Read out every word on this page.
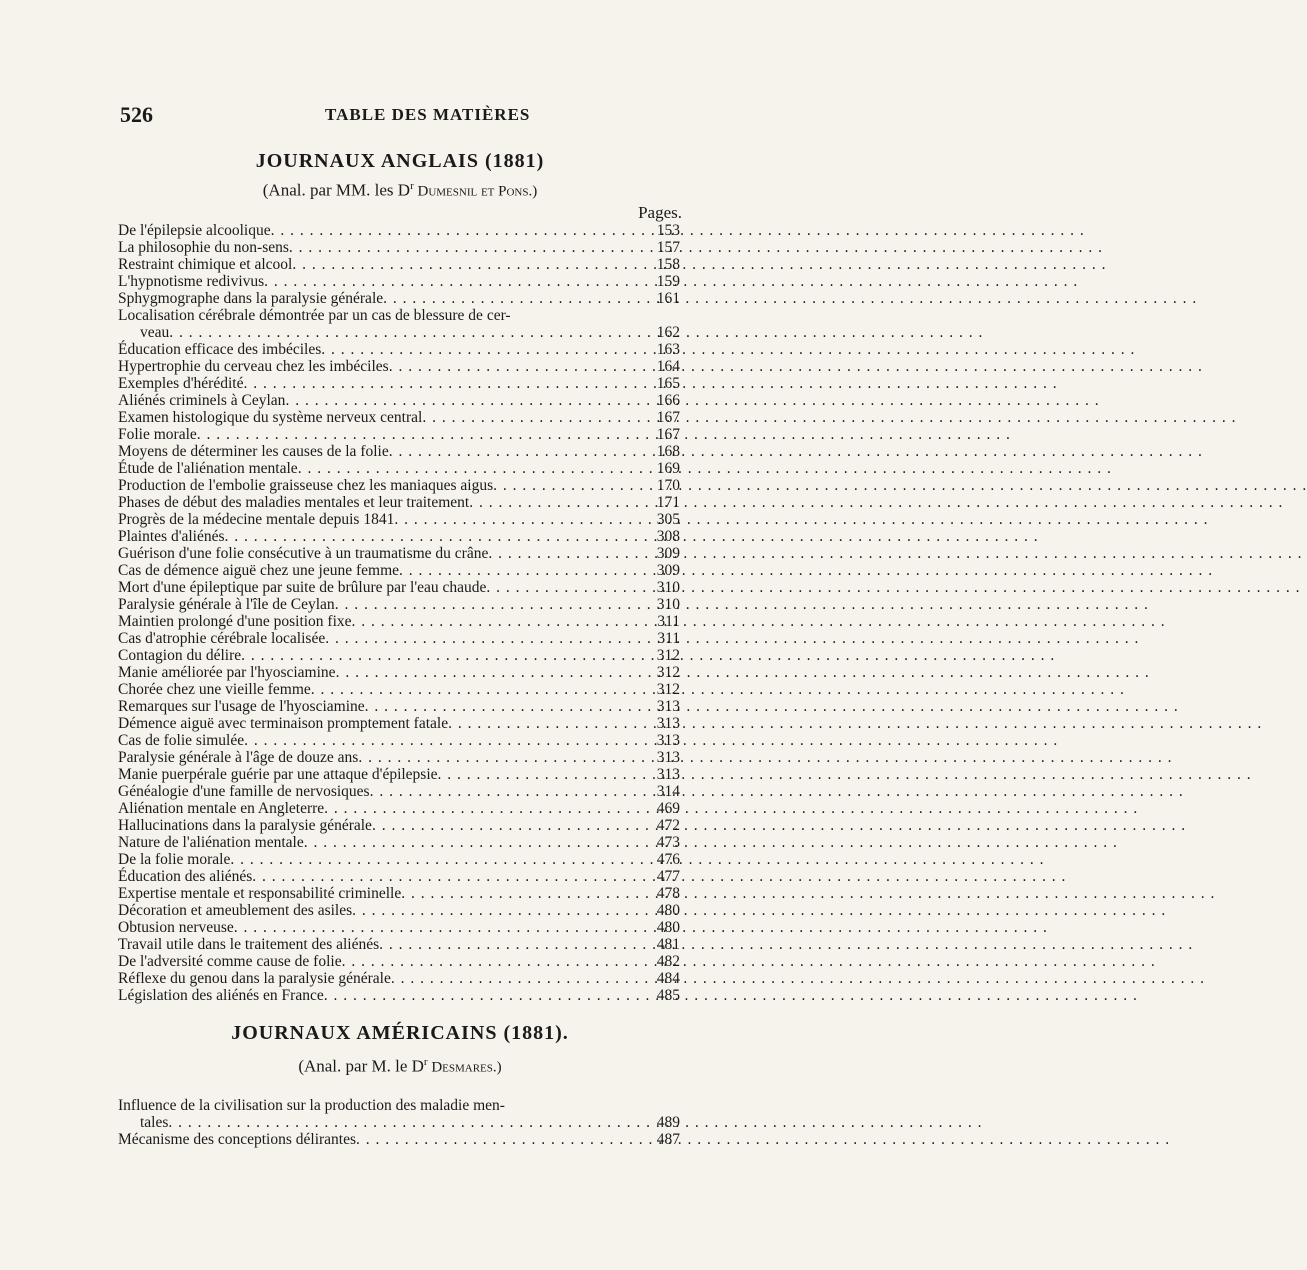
526	TABLE DES MATIÈRES
JOURNAUX ANGLAIS (1881)
(Anal. par MM. les $D^r$ Dumesnil et Pons.)
Pages.
De l'épilepsie alcoolique . . .	153
La philosophie du non-sens . . .	157
Restraint chimique et alcool . . .	158
L'hypnotisme redivivus . . .	159
Sphygmographe dans la paralysie générale . . .	161
Localisation cérébrale démontrée par un cas de blessure de cer-
veau . . .	162
Éducation efficace des imbéciles . . .	163
Hypertrophie du cerveau chez les imbéciles . . .	164
Exemples d'hérédité . . .	165
Aliénés criminels à Ceylan . . .	166
Examen histologique du système nerveux central . . .	167
Folie morale . . .	167
Moyens de déterminer les causes de la folie . . .	168
Étude de l'aliénation mentale . . .	169
Production de l'embolie graisseuse chez les maniaques aigus . . .	170
Phases de début des maladies mentales et leur traitement . . .	171
Progrès de la médecine mentale depuis 1841 . . .	305
Plaintes d'aliénés . . .	308
Guérison d'une folie consécutive à un traumatisme du crâne . . .	309
Cas de démence aiguë chez une jeune femme . . .	309
Mort d'une épileptique par suite de brûlure par l'eau chaude . . .	310
Paralysie générale à l'île de Ceylan . . .	310
Maintien prolongé d'une position fixe . . .	311
Cas d'atrophie cérébrale localisée . . .	311
Contagion du délire . . .	312
Manie améliorée par l'hyosciamine . . .	312
Chorée chez une vieille femme . . .	312
Remarques sur l'usage de l'hyosciamine . . .	313
Démence aiguë avec terminaison promptement fatale . . .	313
Cas de folie simulée . . .	313
Paralysie générale à l'âge de douze ans . . .	313
Manie puerpérale guérie par une attaque d'épilepsie . . .	313
Généalogie d'une famille de nervosiques . . .	314
Aliénation mentale en Angleterre . . .	469
Hallucinations dans la paralysie générale . . .	472
Nature de l'aliénation mentale . . .	473
De la folie morale . . .	476
Éducation des aliénés . . .	477
Expertise mentale et responsabilité criminelle . . .	478
Décoration et ameublement des asiles . . .	480
Obtusion nerveuse . . .	480
Travail utile dans le traitement des aliénés . . .	481
De l'adversité comme cause de folie . . .	482
Réflexe du genou dans la paralysie générale . . .	484
Législation des aliénés en France . . .	485
JOURNAUX AMÉRICAINS (1881).
(Anal. par M. le $D^r$ Desmares.)
Influence de la civilisation sur la production des maladie men-
tales . . .	489
Mécanisme des conceptions délirantes . . .	487
